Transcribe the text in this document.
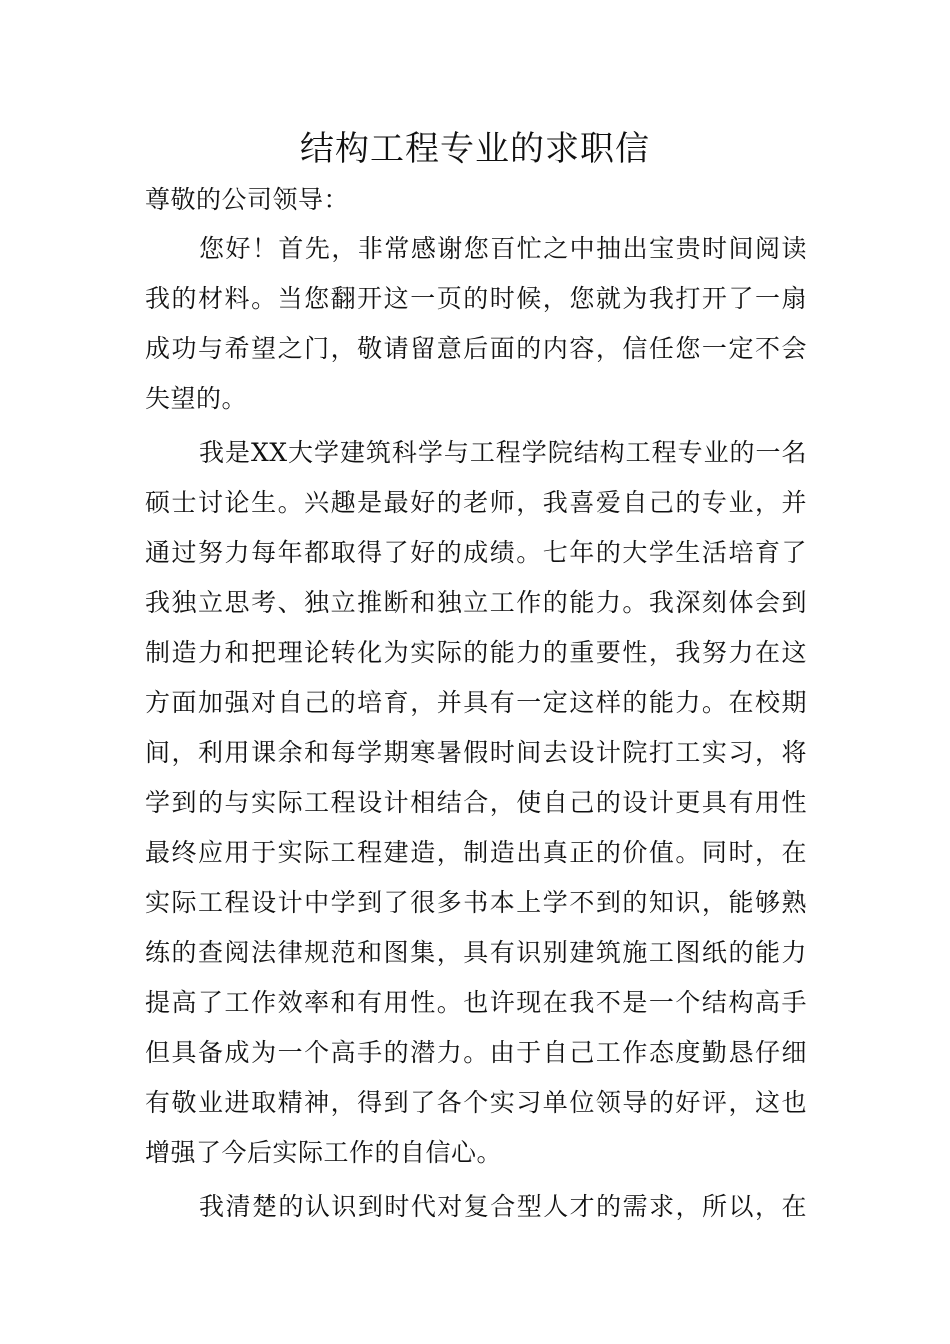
结构工程专业的求职信
尊敬的公司领导：
您好！首先，非常感谢您百忙之中抽出宝贵时间阅读
我的材料。当您翻开这一页的时候，您就为我打开了一扇
成功与希望之门，敬请留意后面的内容，信任您一定不会
失望的。
我是XX大学建筑科学与工程学院结构工程专业的一名
硕士讨论生。兴趣是最好的老师，我喜爱自己的专业，并
通过努力每年都取得了好的成绩。七年的大学生活培育了
我独立思考、独立推断和独立工作的能力。我深刻体会到
制造力和把理论转化为实际的能力的重要性，我努力在这
方面加强对自己的培育，并具有一定这样的能力。在校期
间，利用课余和每学期寒暑假时间去设计院打工实习，将
学到的与实际工程设计相结合，使自己的设计更具有用性
最终应用于实际工程建造，制造出真正的价值。同时，在
实际工程设计中学到了很多书本上学不到的知识，能够熟
练的查阅法律规范和图集，具有识别建筑施工图纸的能力
提高了工作效率和有用性。也许现在我不是一个结构高手
但具备成为一个高手的潜力。由于自己工作态度勤恳仔细
有敬业进取精神，得到了各个实习单位领导的好评，这也
增强了今后实际工作的自信心。
我清楚的认识到时代对复合型人才的需求，所以，在
